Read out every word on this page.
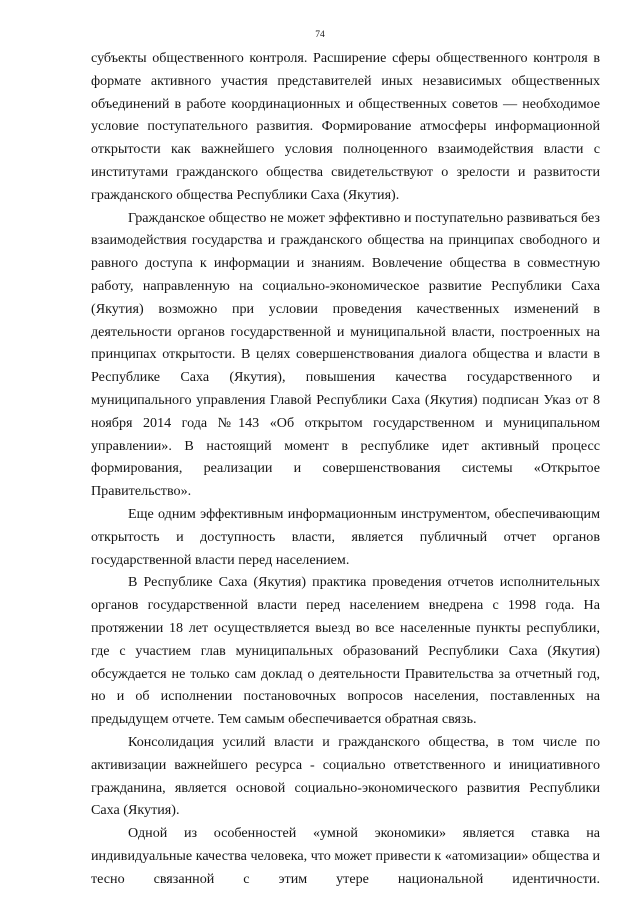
74

субъекты общественного контроля. Расширение сферы общественного контроля в формате активного участия представителей иных независимых общественных объединений в работе координационных и общественных советов — необходимое условие поступательного развития. Формирование атмосферы информационной открытости как важнейшего условия полноценного взаимодействия власти с институтами гражданского общества свидетельствуют о зрелости и развитости гражданского общества Республики Саха (Якутия).

Гражданское общество не может эффективно и поступательно развиваться без взаимодействия государства и гражданского общества на принципах свободного и равного доступа к информации и знаниям. Вовлечение общества в совместную работу, направленную на социально-экономическое развитие Республики Саха (Якутия) возможно при условии проведения качественных изменений в деятельности органов государственной и муниципальной власти, построенных на принципах открытости. В целях совершенствования диалога общества и власти в Республике Саха (Якутия), повышения качества государственного и муниципального управления Главой Республики Саха (Якутия) подписан Указ от 8 ноября 2014 года №143 «Об открытом государственном и муниципальном управлении». В настоящий момент в республике идет активный процесс формирования, реализации и совершенствования системы «Открытое Правительство».

Еще одним эффективным информационным инструментом, обеспечивающим открытость и доступность власти, является публичный отчет органов государственной власти перед населением.

В Республике Саха (Якутия) практика проведения отчетов исполнительных органов государственной власти перед населением внедрена с 1998 года. На протяжении 18 лет осуществляется выезд во все населенные пункты республики, где с участием глав муниципальных образований Республики Саха (Якутия) обсуждается не только сам доклад о деятельности Правительства за отчетный год, но и об исполнении постановочных вопросов населения, поставленных на предыдущем отчете. Тем самым обеспечивается обратная связь.

Консолидация усилий власти и гражданского общества, в том числе по активизации важнейшего ресурса - социально ответственного и инициативного гражданина, является основой социально-экономического развития Республики Саха (Якутия).

Одной из особенностей «умной экономики» является ставка на индивидуальные качества человека, что может привести к «атомизации» общества и тесно связанной с этим утере национальной идентичности.
